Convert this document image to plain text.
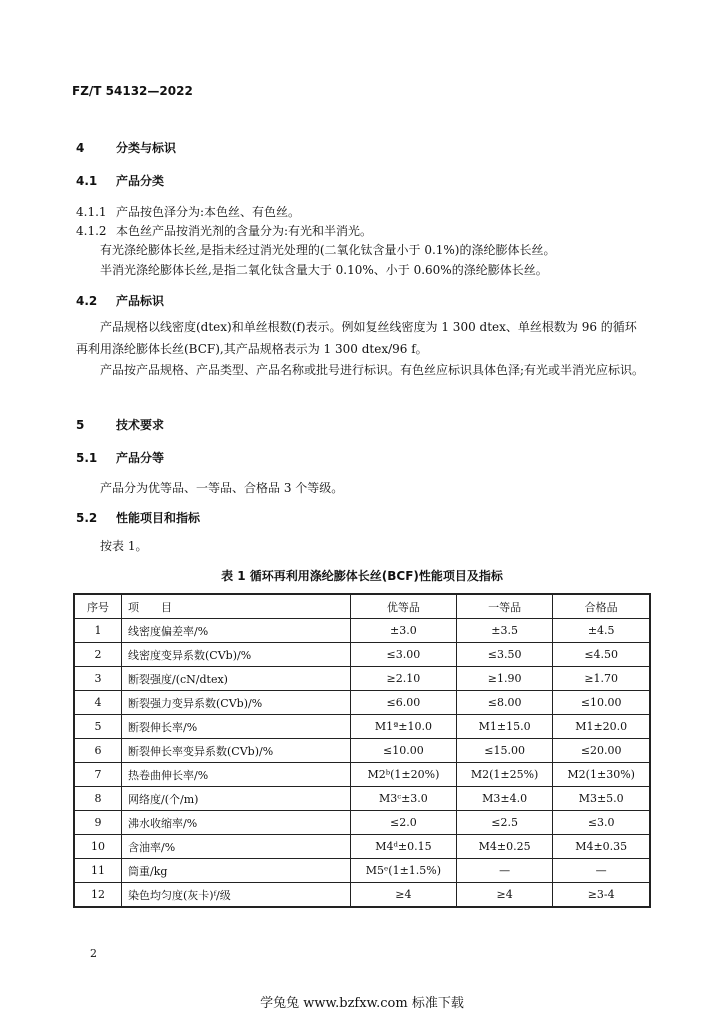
FZ/T 54132—2022
4	分类与标识
4.1 产品分类
4.1.1 产品按色泽分为:本色丝、有色丝。
4.1.2 本色丝产品按消光剂的含量分为:有光和半消光。
有光涤纶膨体长丝,是指未经过消光处理的(二氧化钛含量小于 0.1%)的涤纶膨体长丝。
半消光涤纶膨体长丝,是指二氧化钛含量大于 0.10%、小于 0.60%的涤纶膨体长丝。
4.2 产品标识
产品规格以线密度(dtex)和单丝根数(f)表示。例如复丝线密度为 1 300 dtex、单丝根数为 96 的循环再利用涤纶膨体长丝(BCF),其产品规格表示为 1 300 dtex/96 f。
产品按产品规格、产品类型、产品名称或批号进行标识。有色丝应标识具体色泽;有光或半消光应标识。
5	技术要求
5.1 产品分等
产品分为优等品、一等品、合格品 3 个等级。
5.2 性能项目和指标
按表 1。
表 1 循环再利用涤纶膨体长丝(BCF)性能项目及指标
序号	项　　目	优等品	一等品	合格品
1	线密度偏差率/%	±3.0	±3.5	±4.5
2	线密度变异系数(CVb)/%	≤3.00	≤3.50	≤4.50
3	断裂强度/(cN/dtex)	≥2.10	≥1.90	≥1.70
4	断裂强力变异系数(CVb)/%	≤6.00	≤8.00	≤10.00
5	断裂伸长率/%	M1ª±10.0	M1±15.0	M1±20.0
6	断裂伸长率变异系数(CVb)/%	≤10.00	≤15.00	≤20.00
7	热卷曲伸长率/%	M2ᵇ(1±20%)	M2(1±25%)	M2(1±30%)
8	网络度/(个/m)	M3ᶜ±3.0	M3±4.0	M3±5.0
9	沸水收缩率/%	≤2.0	≤2.5	≤3.0
10	含油率/%	M4ᵈ±0.15	M4±0.25	M4±0.35
11	筒重/kg	M5ᵉ(1±1.5%)	—	—
12	染色均匀度(灰卡)ᶠ/级	≥4	≥4	≥3-4
2
学兔兔 www.bzfxw.com 标准下载
